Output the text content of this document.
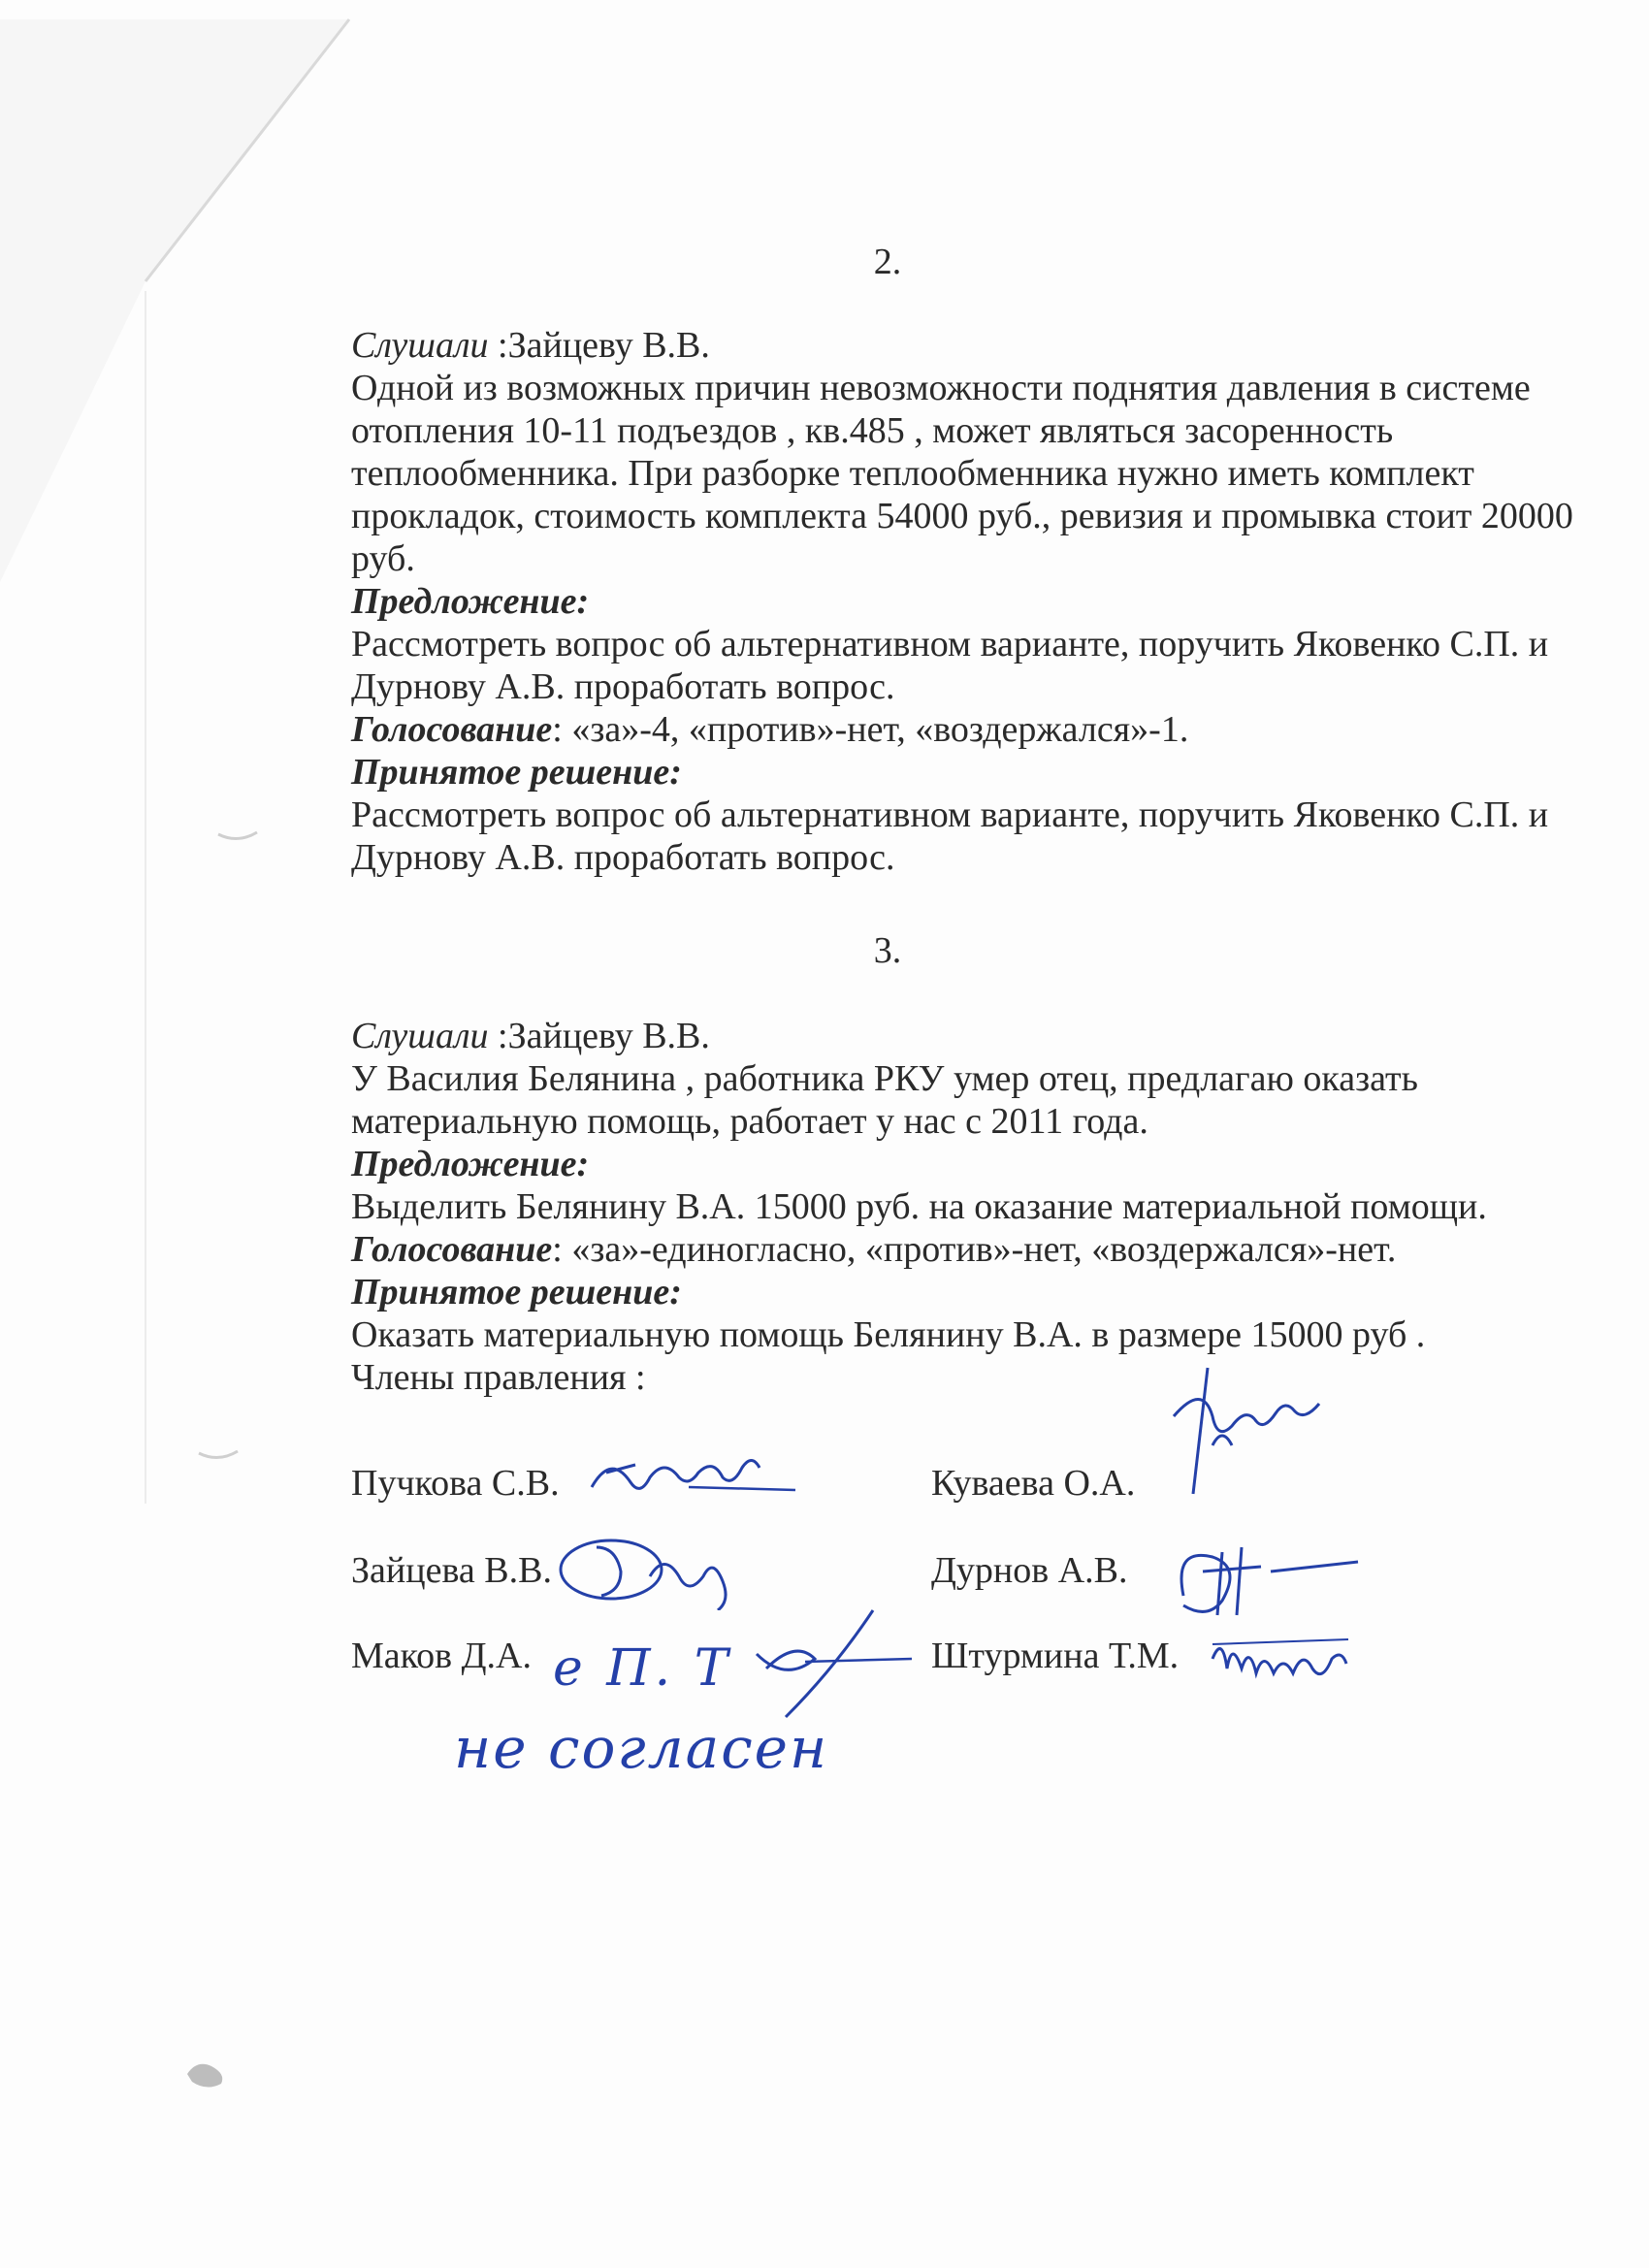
2.

Слушали :Зайцеву В.В.

Одной из возможных причин невозможности поднятия давления в системе отопления 10-11 подъездов , кв.485 , может являться засоренность теплообменника. При разборке теплообменника нужно иметь комплект прокладок, стоимость комплекта 54000 руб., ревизия и промывка стоит 20000 руб.

Предложение:

Рассмотреть вопрос об альтернативном варианте, поручить Яковенко С.П. и Дурнову А.В. проработать вопрос.

Голосование: «за»-4, «против»-нет, «воздержался»-1.

Принятое решение:

Рассмотреть вопрос об альтернативном варианте, поручить Яковенко С.П. и Дурнову А.В. проработать вопрос.

3.

Слушали :Зайцеву В.В.

У Василия Белянина , работника РКУ умер отец, предлагаю оказать материальную помощь, работает у нас с 2011 года.

Предложение:

Выделить Белянину В.А. 15000 руб. на оказание материальной помощи.

Голосование: «за»-единогласно, «против»-нет, «воздержался»-нет.

Принятое решение:

Оказать материальную помощь Белянину В.А. в размере 15000 руб .

Члены правления :

Пучкова С.В.
Зайцева В.В.
Маков Д.А.
Куваева О.А.
Дурнов А.В.
Штурмина Т.М.
е П. Т
не согласен
